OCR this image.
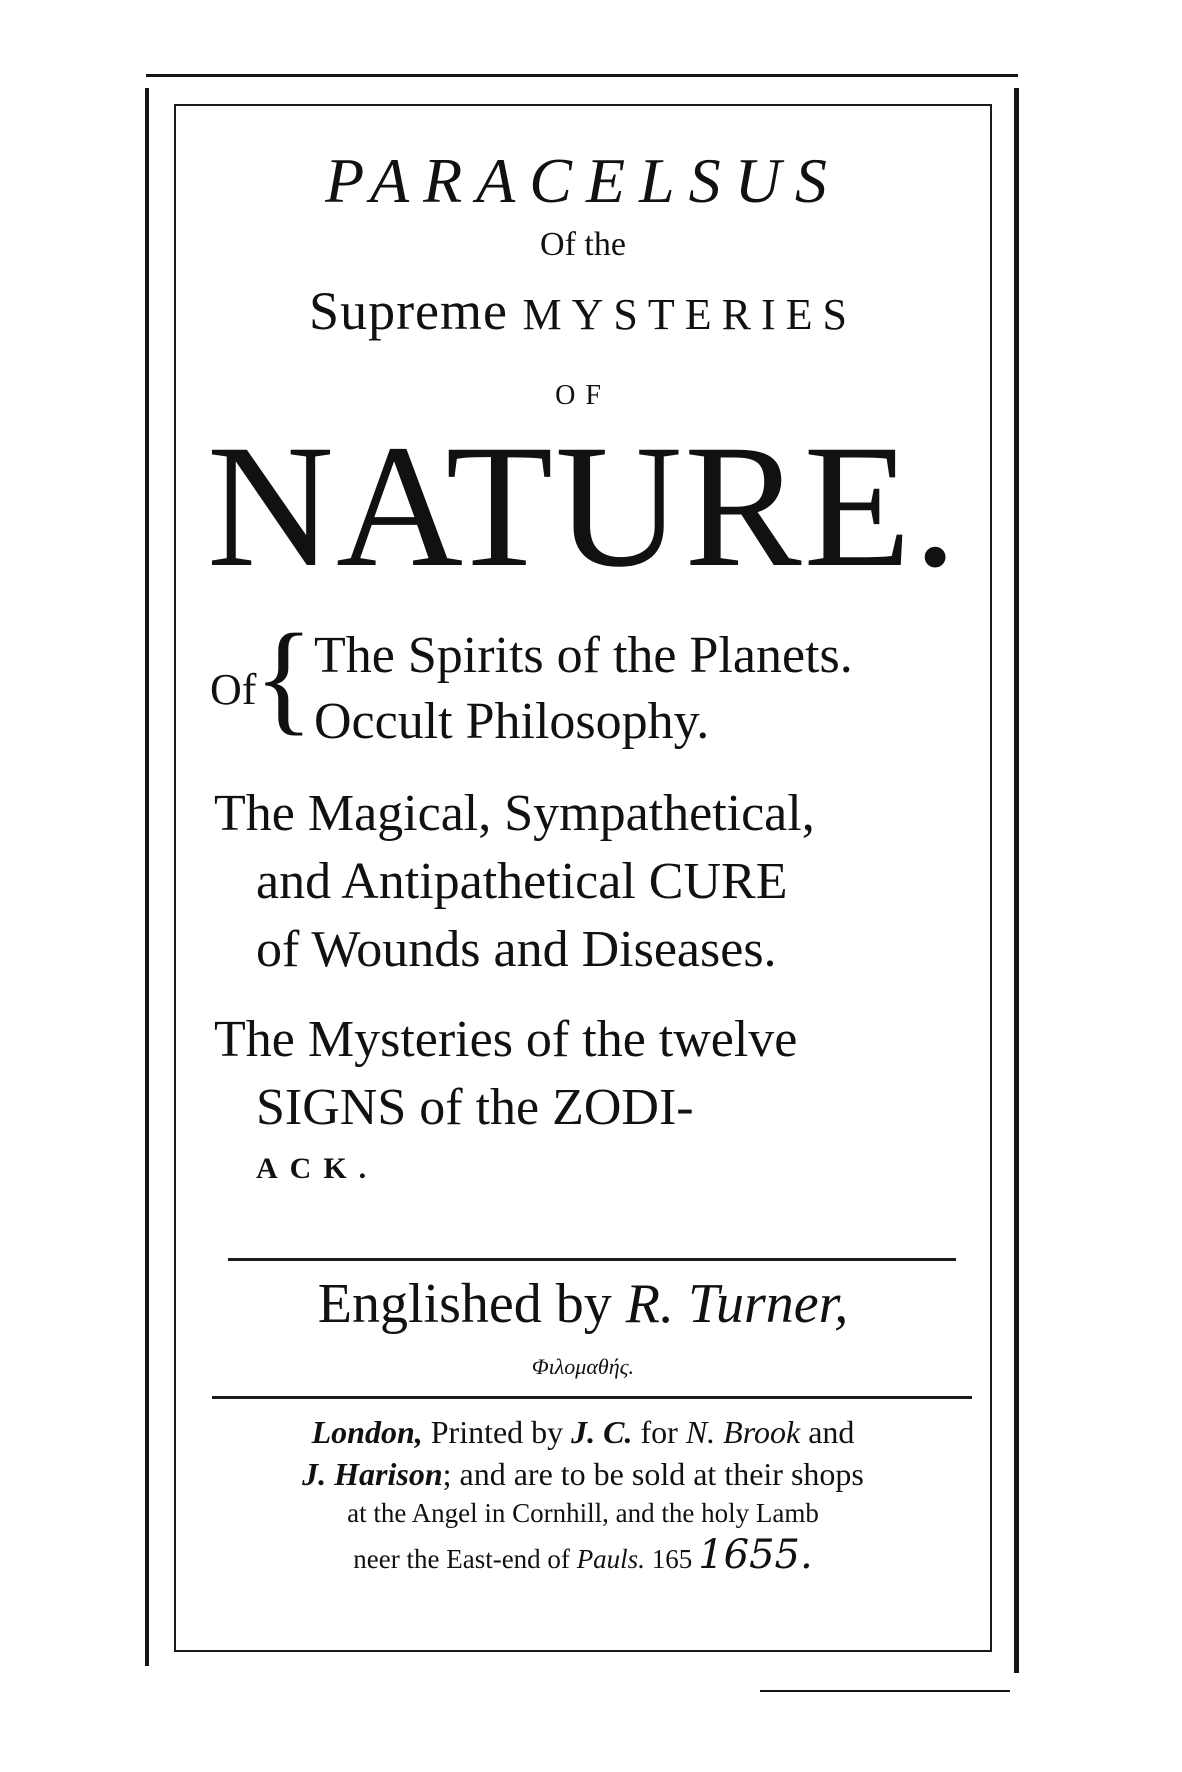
PARACELSUS
Of the
Supreme MYSTERIES
OF
NATURE.
Of
{ The Spirits of the Planets.
Occult Philosophy.
The Magical, Sympathetical,
and Antipathetical CURE
of Wounds and Diseases.
The Mysteries of the twelve
SIGNS of the ZODI-
ACK.
Englished by R. Turner,
Φιλομαθής.
London, Printed by J. C. for N. Brook and
J. Harison; and are to be sold at their shops
at the Angel in Cornhill, and the holy Lamb
neer the East-end of Pauls. 165 1655.
